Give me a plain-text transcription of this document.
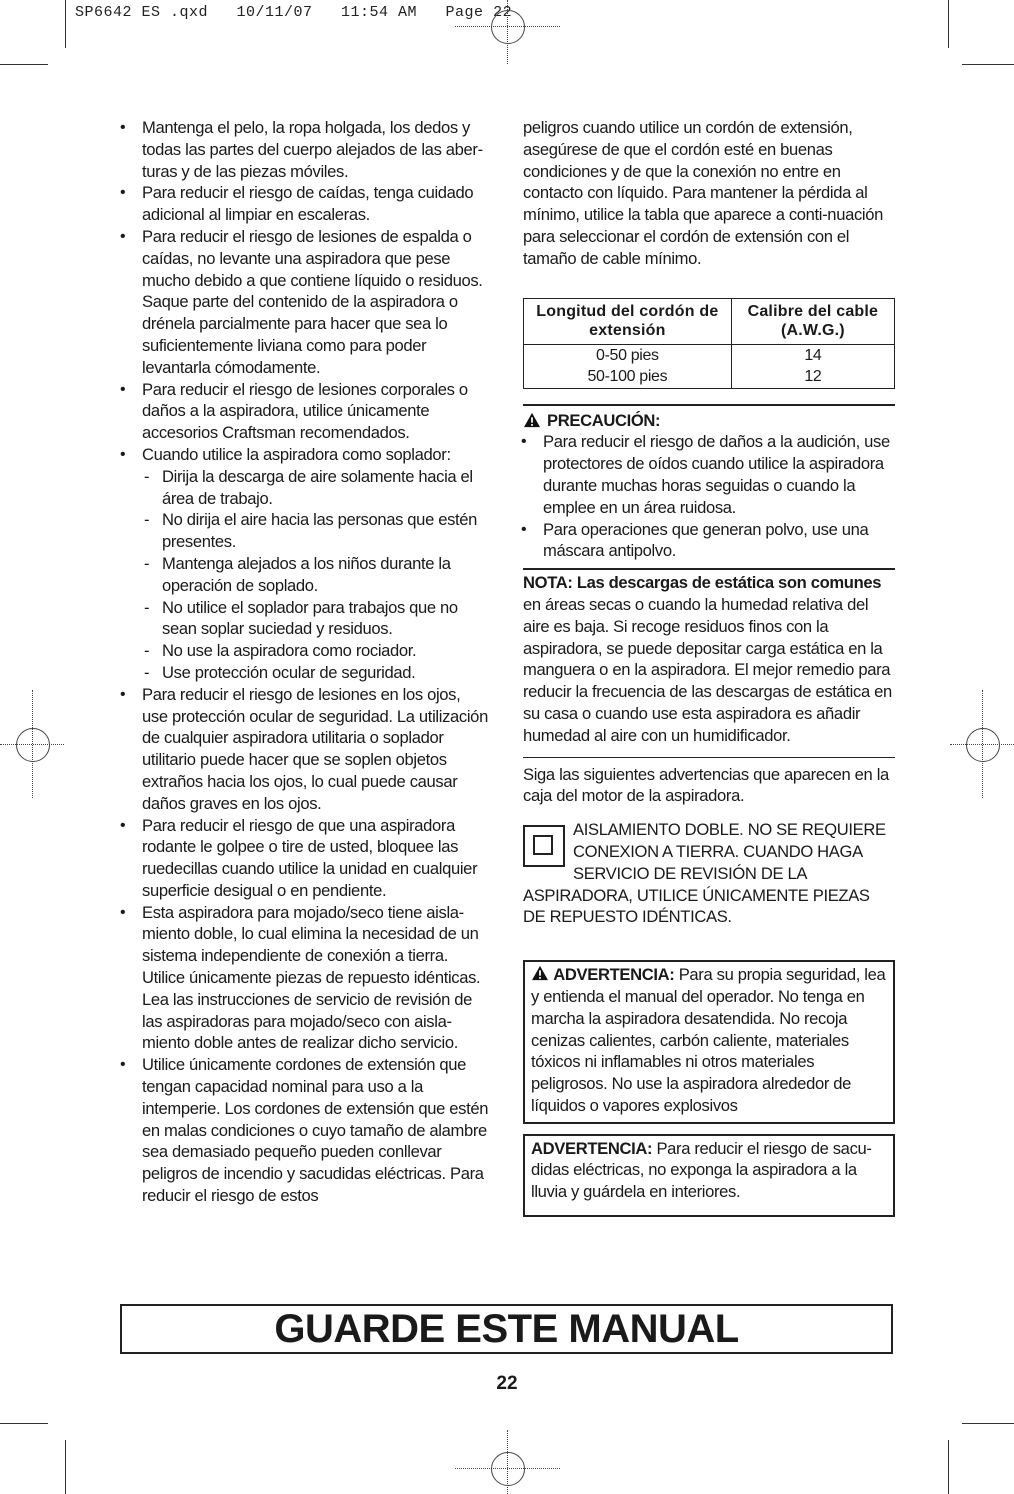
SP6642 ES .qxd   10/11/07   11:54 AM   Page 22
• Mantenga el pelo, la ropa holgada, los dedos y todas las partes del cuerpo alejados de las aber-turas y de las piezas móviles.
• Para reducir el riesgo de caídas, tenga cuidado adicional al limpiar en escaleras.
• Para reducir el riesgo de lesiones de espalda o caídas, no levante una aspiradora que pese mucho debido a que contiene líquido o residuos. Saque parte del contenido de la aspiradora o drénela parcialmente para hacer que sea lo suficientemente liviana como para poder levantarla cómodamente.
• Para reducir el riesgo de lesiones corporales o daños a la aspiradora, utilice únicamente accesorios Craftsman recomendados.
• Cuando utilice la aspiradora como soplador:
- Dirija la descarga de aire solamente hacia el área de trabajo.
- No dirija el aire hacia las personas que estén presentes.
- Mantenga alejados a los niños durante la operación de soplado.
- No utilice el soplador para trabajos que no sean soplar suciedad y residuos.
- No use la aspiradora como rociador.
- Use protección ocular de seguridad.
• Para reducir el riesgo de lesiones en los ojos, use protección ocular de seguridad. La utilización de cualquier aspiradora utilitaria o soplador utilitario puede hacer que se soplen objetos extraños hacia los ojos, lo cual puede causar daños graves en los ojos.
• Para reducir el riesgo de que una aspiradora rodante le golpee o tire de usted, bloquee las ruedecillas cuando utilice la unidad en cualquier superficie desigual o en pendiente.
• Esta aspiradora para mojado/seco tiene aisla-miento doble, lo cual elimina la necesidad de un sistema independiente de conexión a tierra. Utilice únicamente piezas de repuesto idénticas. Lea las instrucciones de servicio de revisión de las aspiradoras para mojado/seco con aisla-miento doble antes de realizar dicho servicio.
• Utilice únicamente cordones de extensión que tengan capacidad nominal para uso a la intemperie. Los cordones de extensión que estén en malas condiciones o cuyo tamaño de alambre sea demasiado pequeño pueden conllevar peligros de incendio y sacudidas eléctricas. Para reducir el riesgo de estos

peligros cuando utilice un cordón de extensión, asegúrese de que el cordón esté en buenas condiciones y de que la conexión no entre en contacto con líquido. Para mantener la pérdida al mínimo, utilice la tabla que aparece a conti-nuación para seleccionar el cordón de extensión con el tamaño de cable mínimo.

Longitud del cordón de extensión	Calibre del cable (A.W.G.)
0-50 pies	14
50-100 pies	12
PRECAUCIÓN:
• Para reducir el riesgo de daños a la audición, use protectores de oídos cuando utilice la aspiradora durante muchas horas seguidas o cuando la emplee en un área ruidosa.
• Para operaciones que generan polvo, use una máscara antipolvo.

NOTA: Las descargas de estática son comunes en áreas secas o cuando la humedad relativa del aire es baja. Si recoge residuos finos con la aspiradora, se puede depositar carga estática en la manguera o en la aspiradora. El mejor remedio para reducir la frecuencia de las descargas de estática en su casa o cuando use esta aspiradora es añadir humedad al aire con un humidificador.

Siga las siguientes advertencias que aparecen en la caja del motor de la aspiradora.

AISLAMIENTO DOBLE. NO SE REQUIERE CONEXION A TIERRA. CUANDO HAGA SERVICIO DE REVISIÓN DE LA ASPIRADORA, UTILICE ÚNICAMENTE PIEZAS DE REPUESTO IDÉNTICAS.

ADVERTENCIA: Para su propia seguridad, lea y entienda el manual del operador. No tenga en marcha la aspiradora desatendida. No recoja cenizas calientes, carbón caliente, materiales tóxicos ni inflamables ni otros materiales peligrosos. No use la aspiradora alrededor de líquidos o vapores explosivos
ADVERTENCIA: Para reducir el riesgo de sacu-didas eléctricas, no exponga la aspiradora a la lluvia y guárdela en interiores.
GUARDE ESTE MANUAL
22
